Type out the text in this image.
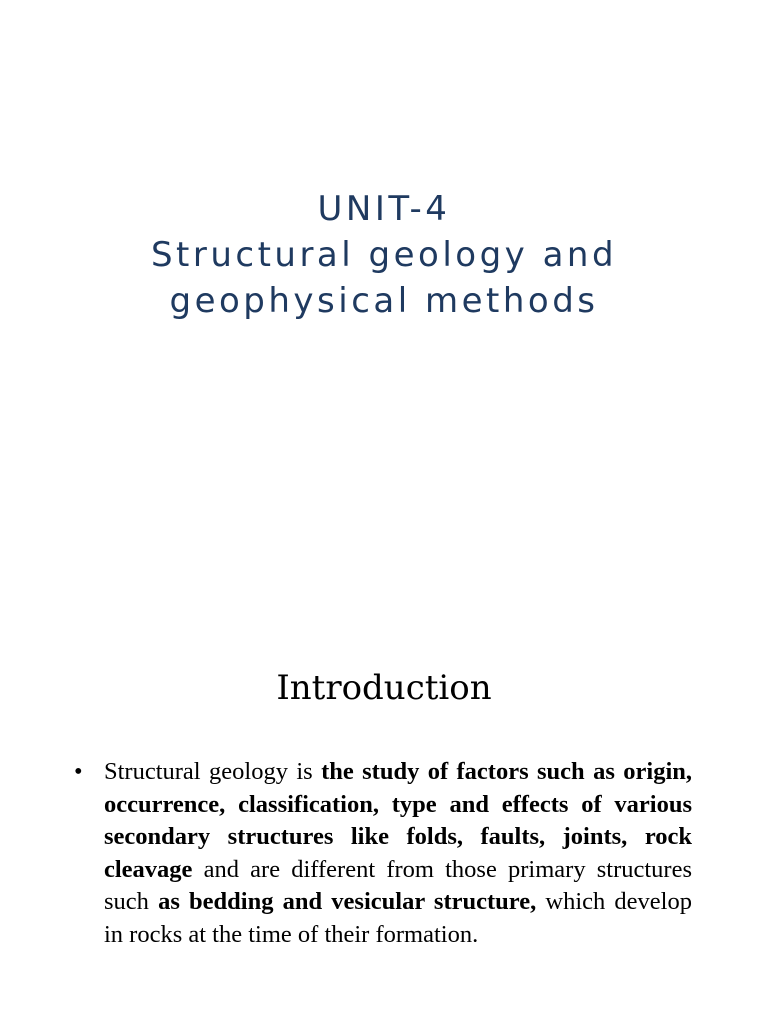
UNIT-4
Structural geology and
geophysical methods
Introduction
• Structural geology is the study of factors such as origin, occurrence, classification, type and effects of various secondary structures like folds, faults, joints, rock cleavage and are different from those primary structures such as bedding and vesicular structure, which develop in rocks at the time of their formation.
